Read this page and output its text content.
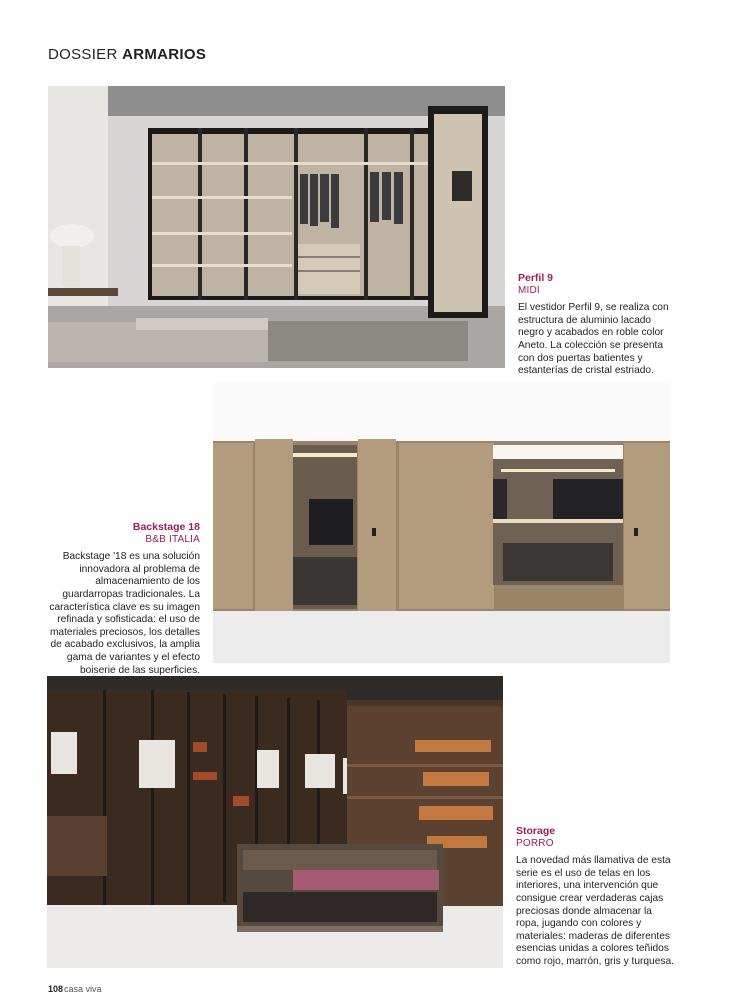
DOSSIER ARMARIOS
Perfil 9
MIDI
El vestidor Perfil 9, se realiza con estructura de aluminio lacado negro y acabados en roble color Aneto. La colección se presenta con dos puertas batientes y estanterías de cristal estriado.
Backstage 18
B&B ITALIA
Backstage '18 es una solución innovadora al problema de almacenamiento de los guardarropas tradicionales. La característica clave es su imagen refinada y sofisticada: el uso de materiales preciosos, los detalles de acabado exclusivos, la amplia gama de variantes y el efecto boiserie de las superficies.
Storage
PORRO
La novedad más llamativa de esta serie es el uso de telas en los interiores, una intervención que consigue crear verdaderas cajas preciosas donde almacenar la ropa, jugando con colores y materiales: maderas de diferentes esencias unidas a colores teñidos como rojo, marrón, gris y turquesa.
108casa viva
